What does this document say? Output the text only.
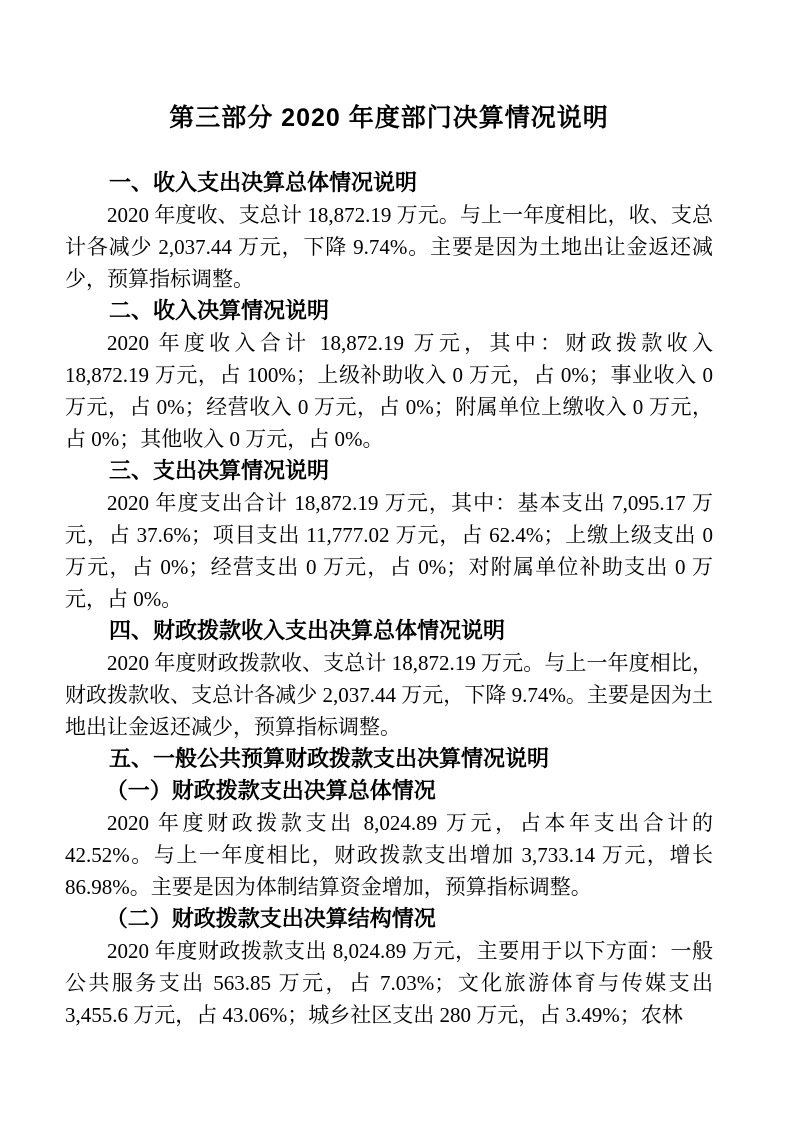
第三部分 2020 年度部门决算情况说明
一、收入支出决算总体情况说明

2020 年度收、支总计 18,872.19 万元。与上一年度相比，收、支总计各减少 2,037.44 万元，下降 9.74%。主要是因为土地出让金返还减少，预算指标调整。

二、收入决算情况说明

2020 年度收入合计 18,872.19 万元，其中：财政拨款收入 18,872.19 万元，占 100%；上级补助收入 0 万元，占 0%；事业收入 0 万元，占 0%；经营收入 0 万元，占 0%；附属单位上缴收入 0 万元，占 0%；其他收入 0 万元，占 0%。

三、支出决算情况说明

2020 年度支出合计 18,872.19 万元，其中：基本支出 7,095.17 万元，占 37.6%；项目支出 11,777.02 万元，占 62.4%；上缴上级支出 0 万元，占 0%；经营支出 0 万元，占 0%；对附属单位补助支出 0 万元，占 0%。

四、财政拨款收入支出决算总体情况说明

2020 年度财政拨款收、支总计 18,872.19 万元。与上一年度相比，财政拨款收、支总计各减少 2,037.44 万元，下降 9.74%。主要是因为土地出让金返还减少，预算指标调整。

五、一般公共预算财政拨款支出决算情况说明
（一）财政拨款支出决算总体情况

2020 年度财政拨款支出 8,024.89 万元，占本年支出合计的 42.52%。与上一年度相比，财政拨款支出增加 3,733.14 万元，增长 86.98%。主要是因为体制结算资金增加，预算指标调整。

（二）财政拨款支出决算结构情况

2020 年度财政拨款支出 8,024.89 万元，主要用于以下方面：一般公共服务支出 563.85 万元，占 7.03%；文化旅游体育与传媒支出 3,455.6 万元，占 43.06%；城乡社区支出 280 万元，占 3.49%；农林
